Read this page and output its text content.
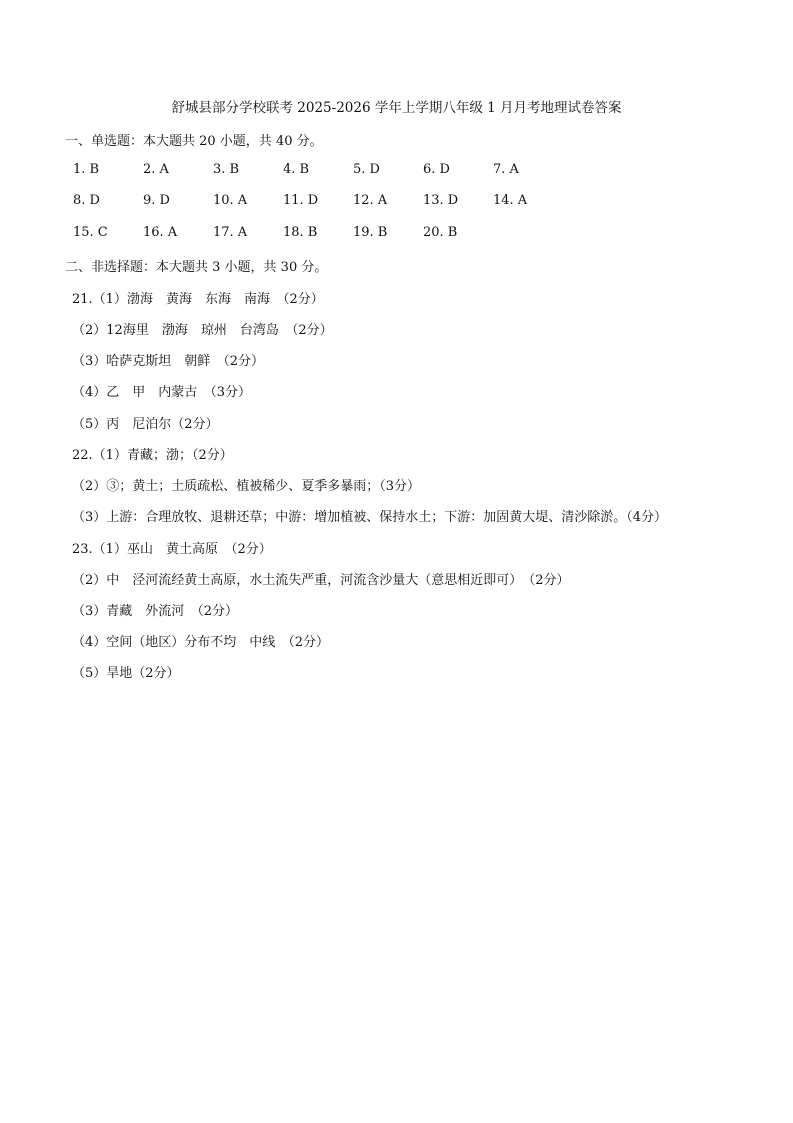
舒城县部分学校联考 2025-2026 学年上学期八年级 1 月月考地理试卷答案
一、单选题：本大题共 20 小题，共 40 分。
1. B	2. A	3. B	4. B	5. D	6. D	7. A
8. D	9. D	10. A	11. D	12. A	13. D	14. A
15. C	16. A	17. A	18. B	19. B	20. B
二、非选择题：本大题共 3 小题，共 30 分。
21.（1）渤海　黄海　东海　南海　（2分）
（2）12海里　渤海　琼州　台湾岛　（2分）
（3）哈萨克斯坦　朝鲜　（2分）
（4）乙　甲　内蒙古　（3分）
（5）丙　尼泊尔（2分）
22.（1）青藏；渤；（2分）
（2）③；黄土；土质疏松、植被稀少、夏季多暴雨；（3分）
（3）上游：合理放牧、退耕还草；中游：增加植被、保持水土；下游：加固黄大堤、清沙除淤。（4分）
23.（1）巫山　黄土高原　（2分）
（2）中　泾河流经黄土高原，水土流失严重，河流含沙量大（意思相近即可）　（2分）
（3）青藏　外流河　（2分）
（4）空间（地区）分布不均　中线　（2分）
（5）旱地（2分）
